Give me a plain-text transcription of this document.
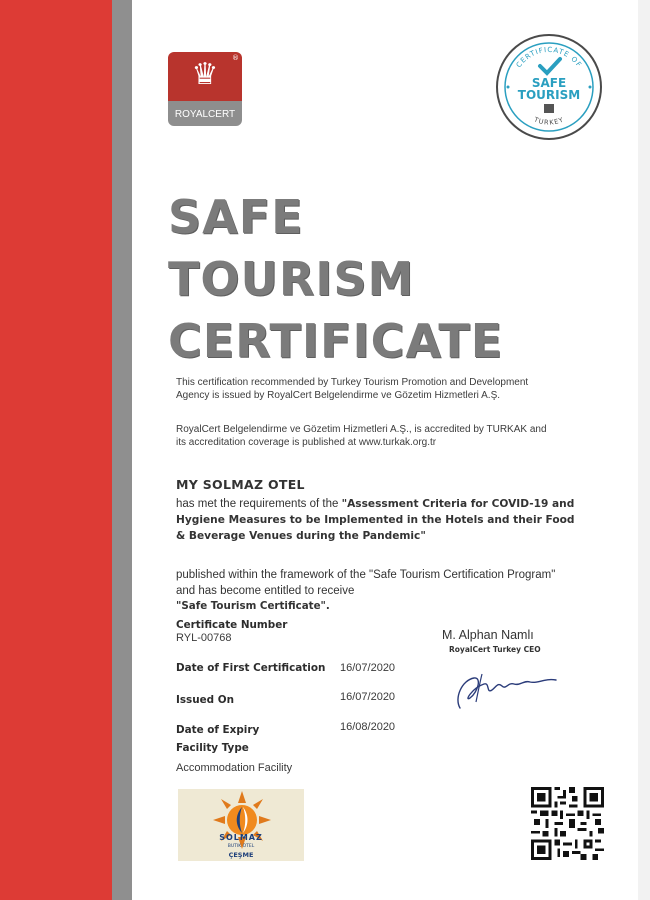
♛	®
ROYALCERT
CERTIFICATE OF
SAFE
TOURISM
TURKEY
SAFE
TOURISM
CERTIFICATE

This certification recommended by Turkey Tourism Promotion and Development Agency is issued by RoyalCert Belgelendirme ve Gözetim Hizmetleri A.Ş.

RoyalCert Belgelendirme ve Gözetim Hizmetleri A.Ş., is accredited by TURKAK and its accreditation coverage is published at www.turkak.org.tr

MY SOLMAZ OTEL

has met the requirements of the "Assessment Criteria for COVID-19 and Hygiene Measures to be Implemented in the Hotels and their Food & Beverage Venues during the Pandemic"

published within the framework of the "Safe Tourism Certification Program" and has become entitled to receive
"Safe Tourism Certificate".

Certificate Number
RYL-00768
Date of First Certification 16/07/2020
Issued On	16/07/2020
Date of Expiry	16/08/2020
Facility Type
Accommodation Facility
M. Alphan Namlı
RoyalCert Turkey CEO
SOLMAZ
BUTIK OTEL
ÇEŞME
